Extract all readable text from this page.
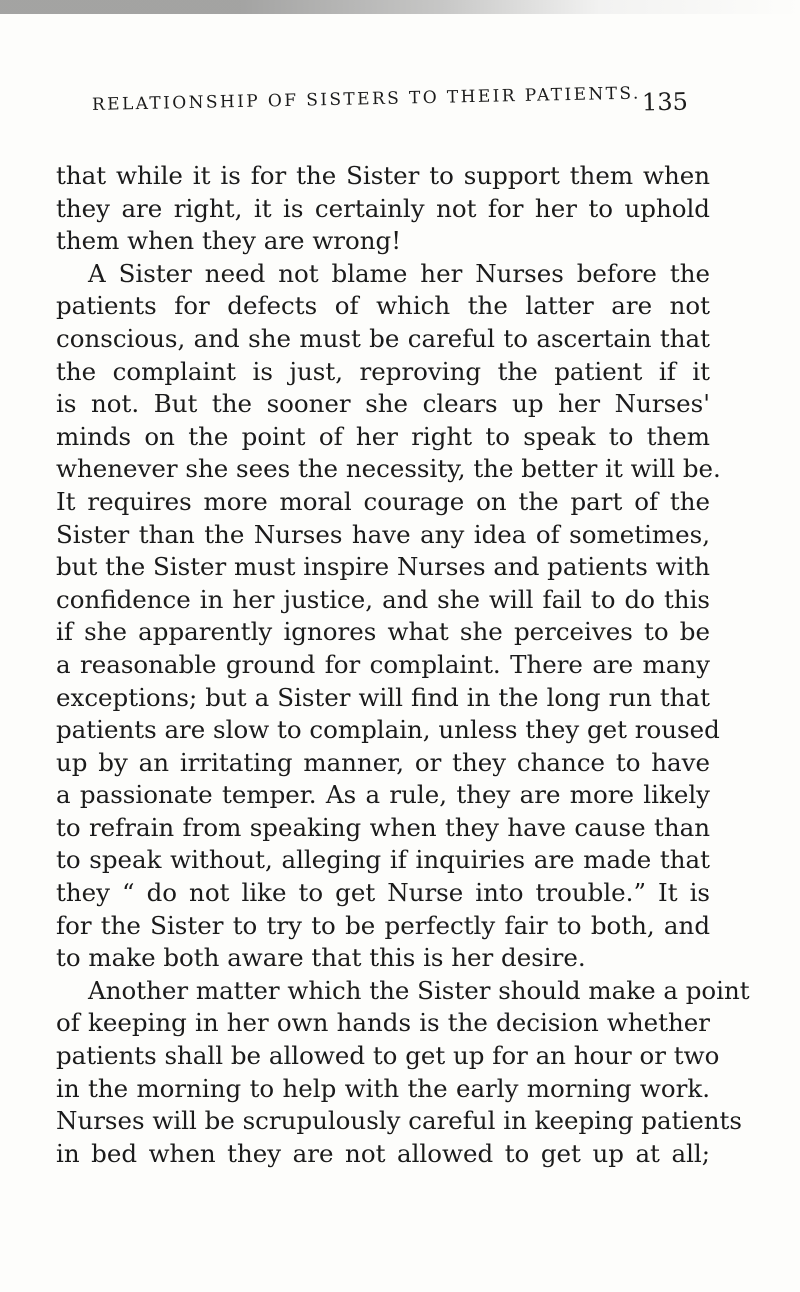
RELATIONSHIP OF SISTERS TO THEIR PATIENTS. 135
that while it is for the Sister to support them when
they are right, it is certainly not for her to uphold
them when they are wrong!
A Sister need not blame her Nurses before the
patients for defects of which the latter are not
conscious, and she must be careful to ascertain that
the complaint is just, reproving the patient if it
is not. But the sooner she clears up her Nurses'
minds on the point of her right to speak to them
whenever she sees the necessity, the better it will be.
It requires more moral courage on the part of the
Sister than the Nurses have any idea of sometimes,
but the Sister must inspire Nurses and patients with
confidence in her justice, and she will fail to do this
if she apparently ignores what she perceives to be
a reasonable ground for complaint. There are many
exceptions; but a Sister will find in the long run that
patients are slow to complain, unless they get roused
up by an irritating manner, or they chance to have
a passionate temper. As a rule, they are more likely
to refrain from speaking when they have cause than
to speak without, alleging if inquiries are made that
they “ do not like to get Nurse into trouble.” It is
for the Sister to try to be perfectly fair to both, and
to make both aware that this is her desire.
Another matter which the Sister should make a point
of keeping in her own hands is the decision whether
patients shall be allowed to get up for an hour or two
in the morning to help with the early morning work.
Nurses will be scrupulously careful in keeping patients
in bed when they are not allowed to get up at all;
